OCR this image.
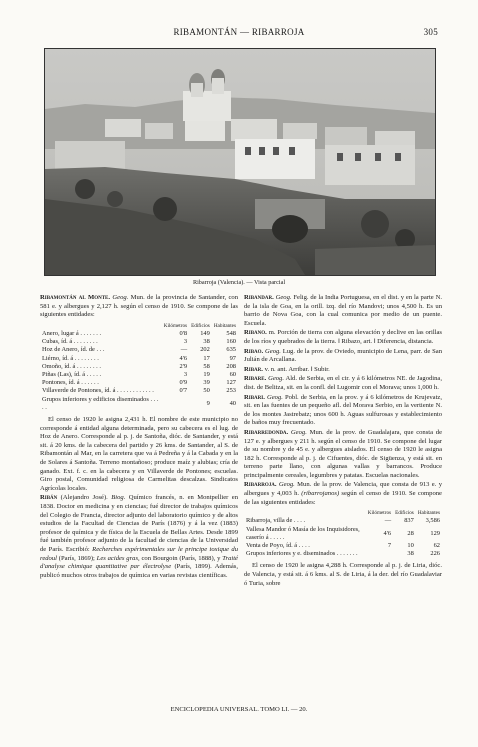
RIBAMONTÁN — RIBARROJA	305
Ribarroja (Valencia). — Vista parcial

Ribamontán al Monte. Geog. Mun. de la provincia de Santander, con 581 e. y albergues y 2,127 h. según el censo de 1910. Se compone de las siguientes entidades:

	Kilómetros	Edificios	Habitantes
Anero, lugar á . . . . . . .	0'8	149	548
Cubas, íd. á . . . . . . . .	3	38	160
Hoz de Anero, íd. de . . .	—	202	635
Liérno, íd. á . . . . . . . .	4'6	17	97
Omoño, íd. á . . . . . . . .	2'9	58	208
Piñas (Las), íd. á . . . . .	3	19	60
Pontones, íd. á . . . . . .	0'9	39	127
Villaverde de Pontones, íd. á . . . . . . . . . . . .	0'7	50	253
Grupos inferiores y edificios diseminados . . . . .		9	40

El censo de 1920 le asigna 2,431 h. El nombre de este municipio no corresponde á entidad alguna determinada, pero su cabecera es el lug. de Hoz de Anero. Corresponde al p. j. de Santoña, dióc. de Santander, y está sit. á 20 kms. de la cabecera del partido y 26 kms. de Santander, al S. de Ribamontán al Mar, en la carretera que va á Pedreña y á la Cabada y en la de Solares á Santoña. Terreno montañoso; produce maíz y alubias; cría de ganado. Ext. f. c. en la cabecera y en Villaverde de Pontones; escuelas. Giro postal, Comunidad religiosa de Carmelitas descalzas. Sindicatos Agrícolas locales.

Ribán (Alejandro José). Biog. Químico francés, n. en Montpellier en 1838. Doctor en medicina y en ciencias; fué director de trabajos químicos del Colegio de Francia, director adjunto del laboratorio químico y de altos estudios de la Facultad de Ciencias de París (1876) y á la vez (1883) profesor de química y de física de la Escuela de Bellas Artes. Desde 1899 fué también profesor adjunto de la facultad de ciencias de la Universidad de París. Escribió: Recherches expérimentales sur le principe toxique du redoul (París, 1869); Les acides gras, con Bourgoin (París, 1888), y Traité d'analyse chimique quantitative par électrolyse (París, 1899). Además, publicó muchos otros trabajos de química en varias revistas científicas.

Ribandar. Geog. Felig. de la India Portuguesa, en el dist. y en la parte N. de la isla de Goa, en la orill. izq. del río Mandovi; unos 4,500 h. Es un barrio de Nova Goa, con la cual comunica por medio de un puente. Escuela.

Ribano. m. Porción de tierra con alguna elevación y declive en las orillas de los ríos y quebrados de la tierra. ‖ Ribazo, art. ‖ Diferencia, distancia.

Ribao. Geog. Lug. de la prov. de Oviedo, municipio de Lena, parr. de San Julián de Arcallana.

Ribar. v. n. ant. Arribar. ‖ Subir.

Ribare. Geog. Ald. de Serbia, en el cir. y á 6 kilómetros NE. de Jagodina, dist. de Belitza, sit. en la confl. del Lugomir con el Morava; unos 1,000 h.

Ribari. Geog. Pobl. de Serbia, en la prov. y á 6 kilómetros de Krujevatz, sit. en las fuentes de un pequeño afl. del Morava Serbio, en la vertiente N. de los montes Jastrebatz; unos 600 h. Aguas sulfurosas y establecimiento de baños muy frecuentado.

Ribarredonda. Geog. Mun. de la prov. de Guadalajara, que consta de 127 e. y albergues y 211 h. según el censo de 1910. Se compone del lugar de su nombre y de 45 e. y albergues aislados. El censo de 1920 le asigna 182 h. Corresponde al p. j. de Cifuentes, dióc. de Sigüenza, y está sit. en terreno parte llano, con algunas vallas y barrancos. Produce principalmente cereales, legumbres y patatas. Escuelas nacionales.

Ribarroja. Geog. Mun. de la prov. de Valencia, que consta de 913 e. y albergues y 4,003 h. (ribarrojanos) según el censo de 1910. Se compone de las siguientes entidades:

	Kilómetros	Edificios	Habitantes
Ribarroja, villa de . . . .	—	837	3,586
Vallesa Mandor ó Masía de los Inquisidores, caserío á . . . . .	4'6	28	129
Venta de Poyo, íd. á . . . .	7	10	62
Grupos inferiores y e. diseminados . . . . . . .		38	226

El censo de 1920 le asigna 4,288 h. Corresponde al p. j. de Liria, dióc. de Valencia, y está sit. á 6 kms. al S. de Liria, á la der. del río Guadalaviar ó Turia, sobre

ENCICLOPEDIA UNIVERSAL. TOMO LI. — 20.
